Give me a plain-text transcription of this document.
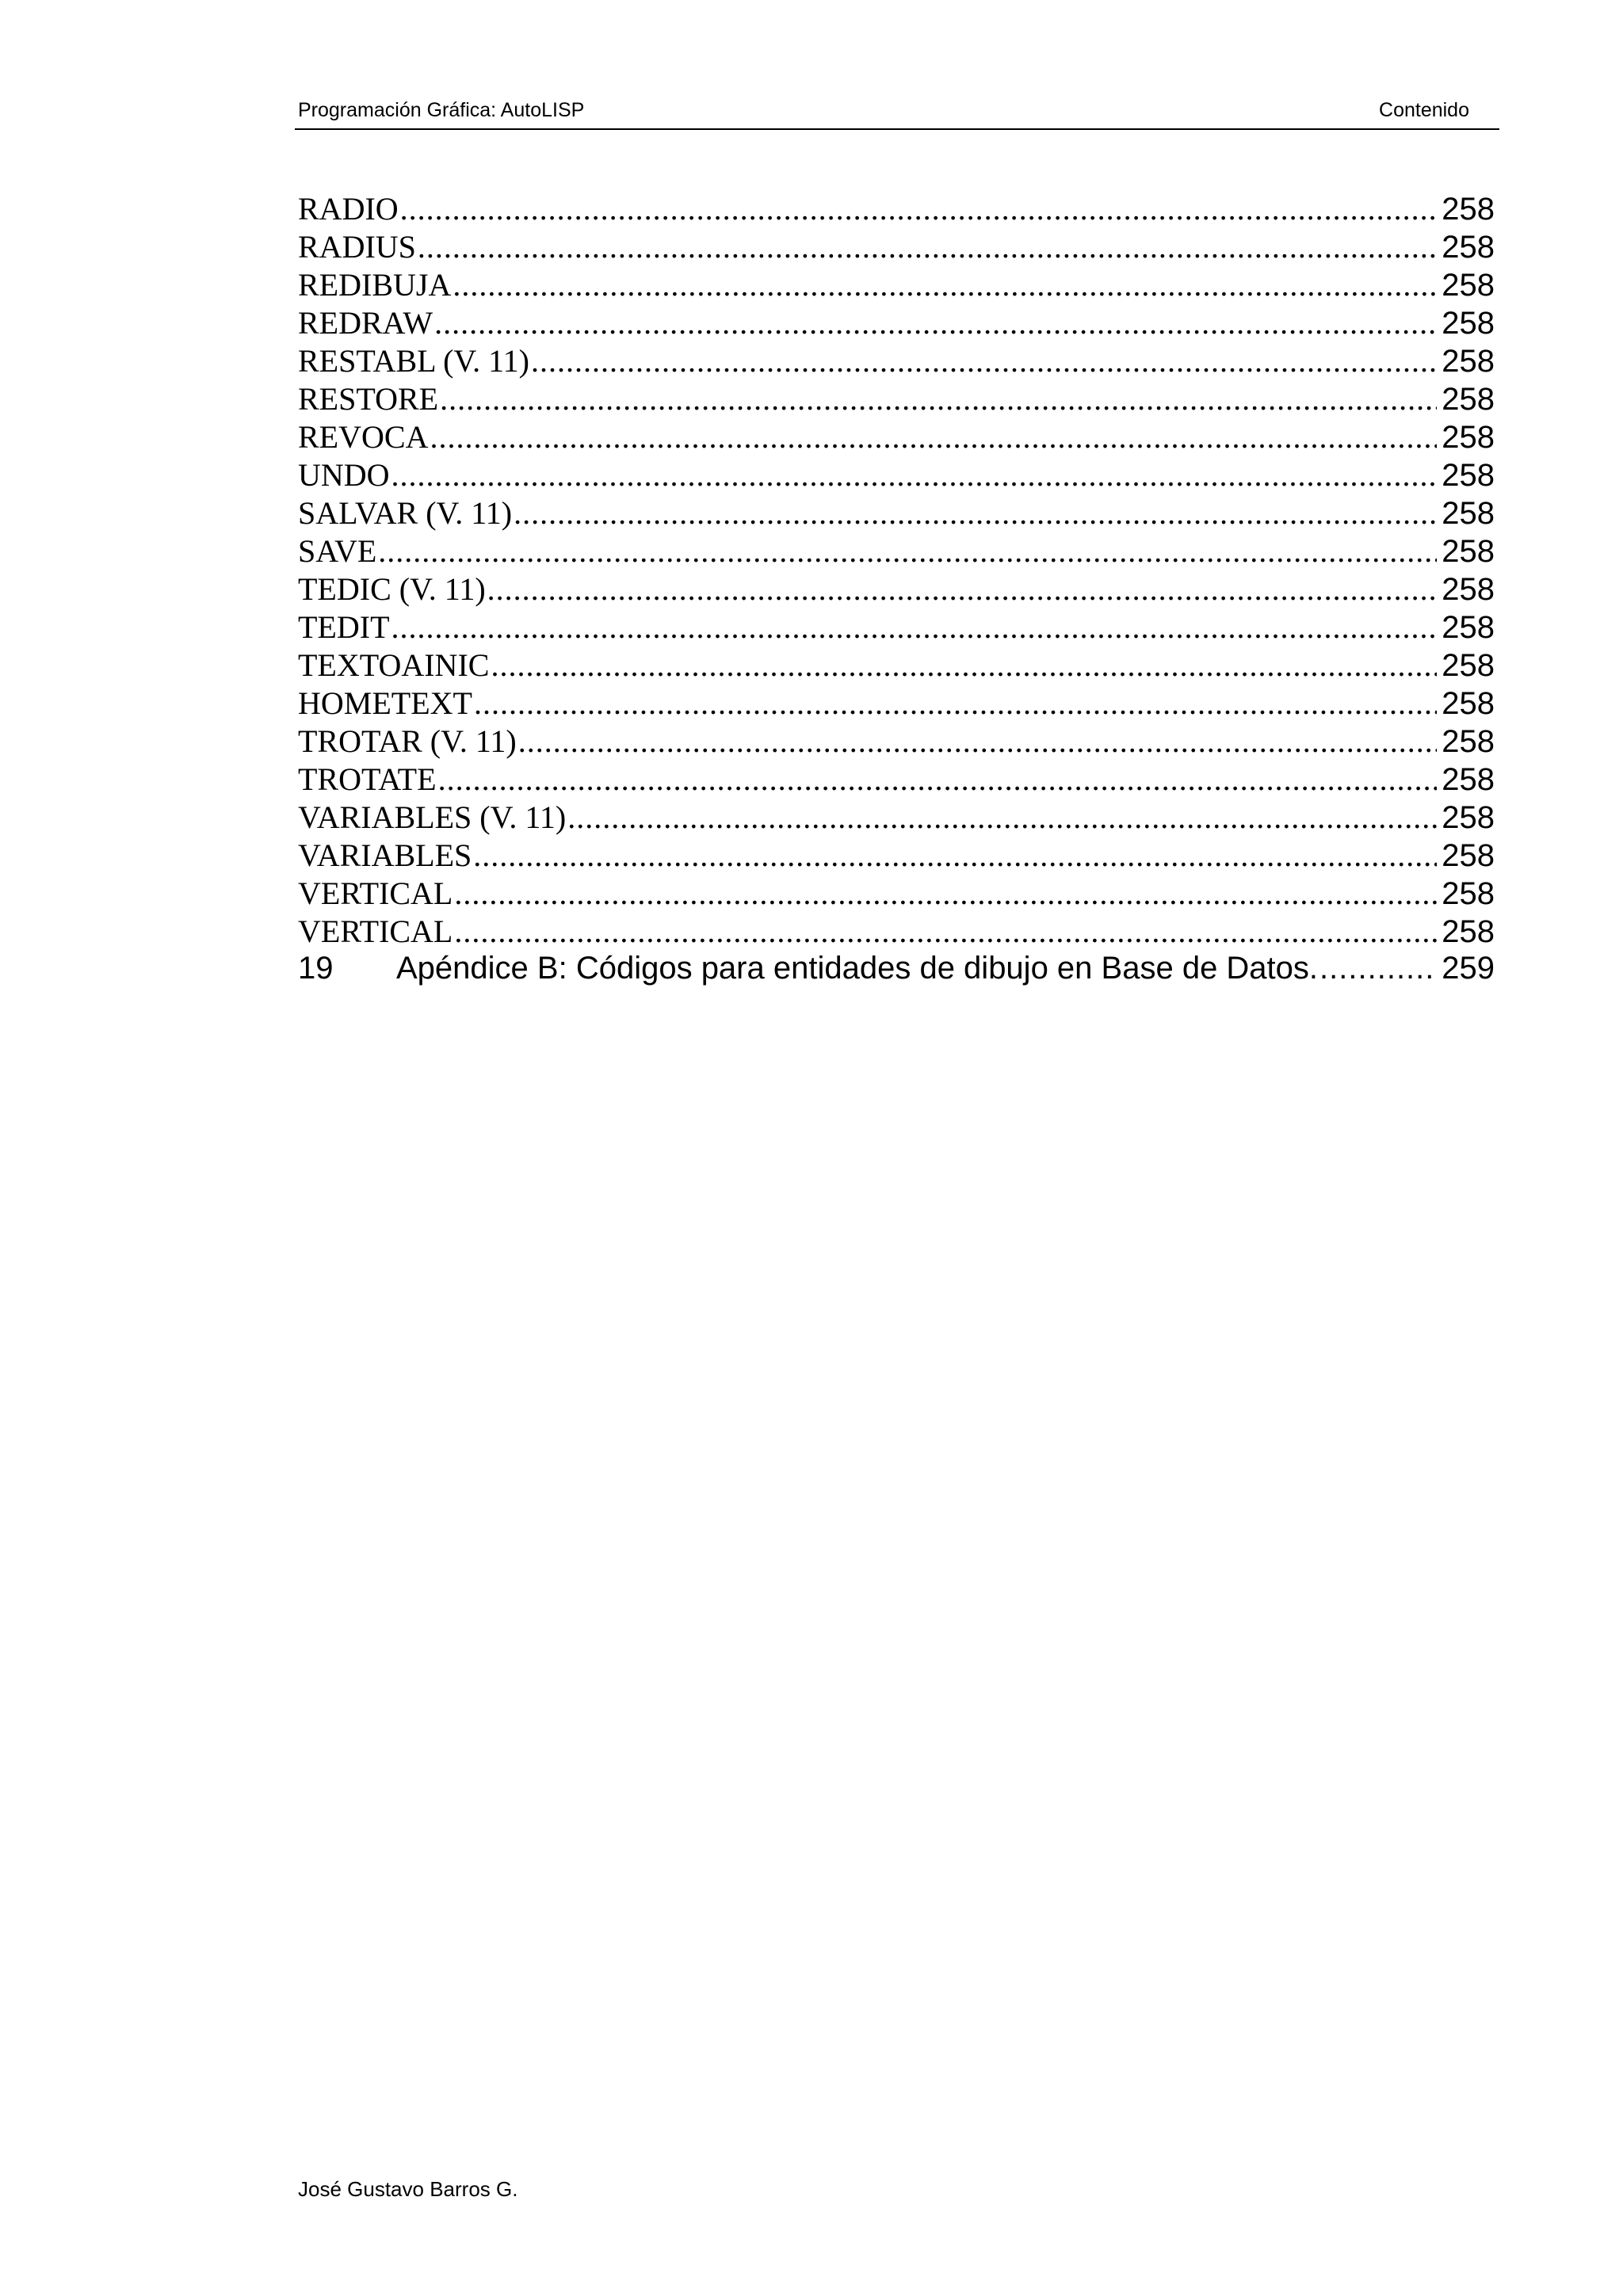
Programación Gráfica: AutoLISP	Contenido
RADIO .....	258
RADIUS .....	258
REDIBUJA .....	258
REDRAW .....	258
RESTABL (V. 11) .....	258
RESTORE .....	258
REVOCA .....	258
UNDO .....	258
SALVAR (V. 11) .....	258
SAVE .....	258
TEDIC (V. 11) .....	258
TEDIT .....	258
TEXTOAINIC .....	258
HOMETEXT .....	258
TROTAR (V. 11) .....	258
TROTATE .....	258
VARIABLES (V. 11) .....	258
VARIABLES .....	258
VERTICAL .....	258
VERTICAL .....	258
19	Apéndice B: Códigos para entidades de dibujo en Base de Datos. .....	259
José Gustavo Barros G.
